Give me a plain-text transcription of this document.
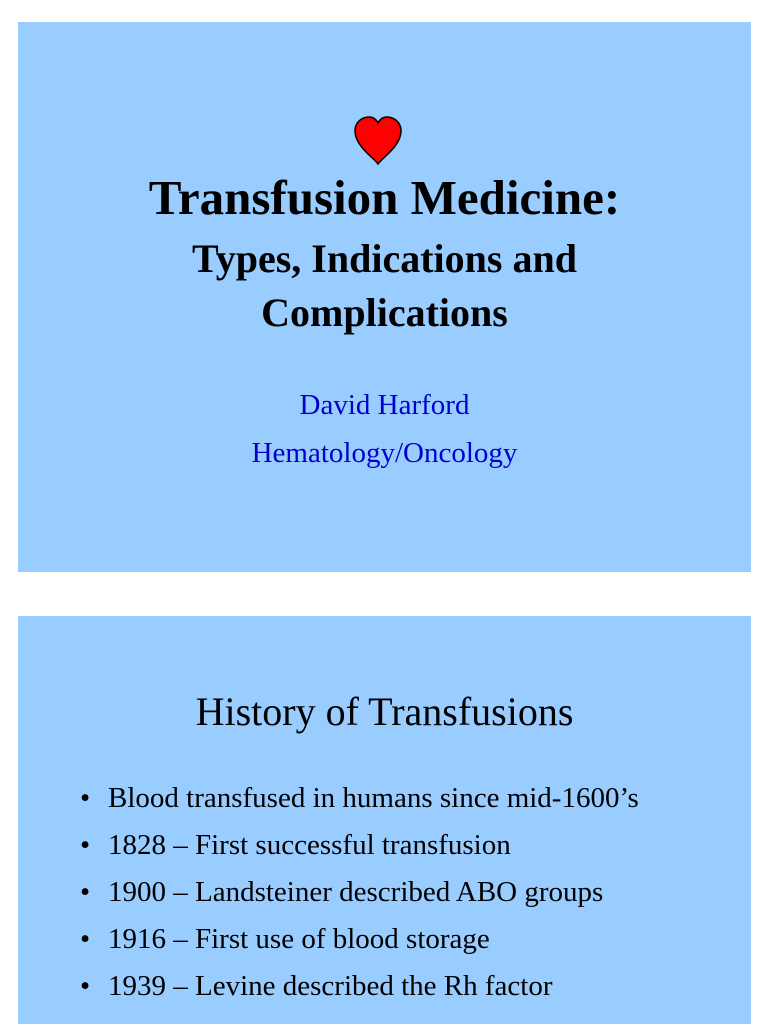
Transfusion Medicine:
Types, Indications and
Complications
David Harford
Hematology/Oncology
History of Transfusions
• Blood transfused in humans since mid-1600’s
• 1828 – First successful transfusion
• 1900 – Landsteiner described ABO groups
• 1916 – First use of blood storage
• 1939 – Levine described the Rh factor
